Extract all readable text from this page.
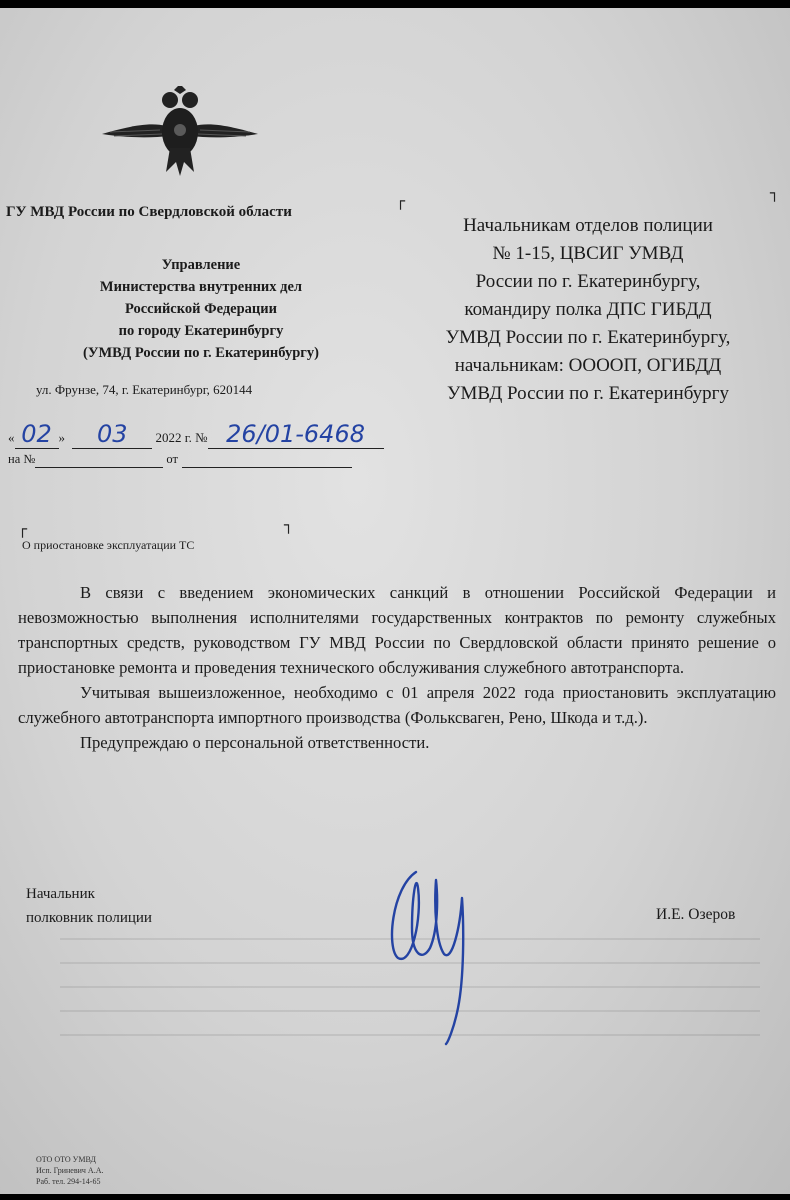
ГУ МВД России по Свердловской области
Управление
Министерства внутренних дел
Российской Федерации
по городу Екатеринбургу
(УМВД России по г. Екатеринбургу)
ул. Фрунзе, 74, г. Екатеринбург, 620144
┌	┐
┌	┐
Начальникам отделов полиции
№ 1-15, ЦВСИГ УМВД
России по г. Екатеринбургу,
командиру полка ДПС ГИБДД
УМВД России по г. Екатеринбургу,
начальникам: ОООOП, ОГИБДД
УМВД России по г. Екатеринбургу
« 02 » 03 2022 г. № 26/01-6468
на №	от
О приостановке эксплуатации ТС

В связи с введением экономических санкций в отношении Российской Федерации и невозможностью выполнения исполнителями государственных контрактов по ремонту служебных транспортных средств, руководством ГУ МВД России по Свердловской области принято решение о приостановке ремонта и проведения технического обслуживания служебного автотранспорта.

Учитывая вышеизложенное, необходимо с 01 апреля 2022 года приостановить эксплуатацию служебного автотранспорта импортного производства (Фольксваген, Рено, Шкода и т.д.).

Предупреждаю о персональной ответственности.

Начальник
полковник полиции	И.Е. Озеров
ОТО ОТО УМВД
Исп. Гриневич А.А.
Раб. тел. 294-14-65
